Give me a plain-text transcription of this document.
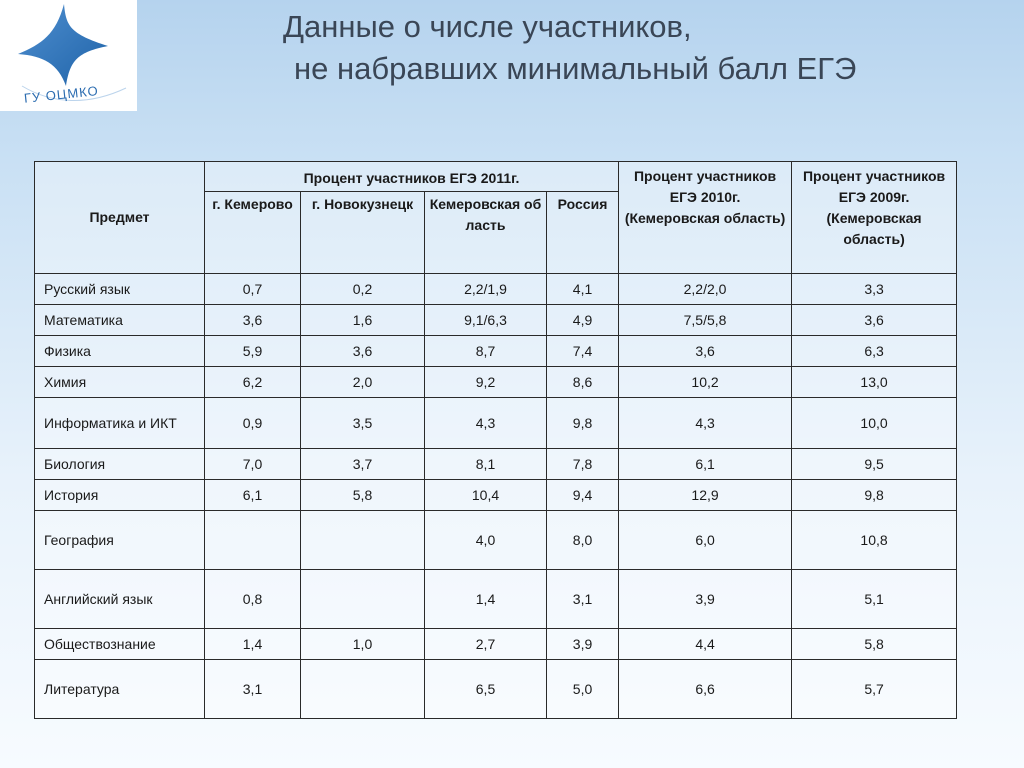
ГУ ОЦМКО
Данные о числе участников,
не набравших минимальный балл ЕГЭ
Предмет	Процент участников ЕГЭ 2011г.				Процент участников ЕГЭ 2010г. (Кемеровская область)	Процент участников ЕГЭ 2009г. (Кемеровская область)
	г. Кемерово	г. Новокузнецк	Кемеровская область	Россия		
Русский язык	0,7	0,2	2,2/1,9	4,1	2,2/2,0	3,3
Математика	3,6	1,6	9,1/6,3	4,9	7,5/5,8	3,6
Физика	5,9	3,6	8,7	7,4	3,6	6,3
Химия	6,2	2,0	9,2	8,6	10,2	13,0
Информатика и ИКТ	0,9	3,5	4,3	9,8	4,3	10,0
Биология	7,0	3,7	8,1	7,8	6,1	9,5
История	6,1	5,8	10,4	9,4	12,9	9,8
География			4,0	8,0	6,0	10,8
Английский язык	0,8		1,4	3,1	3,9	5,1
Обществознание	1,4	1,0	2,7	3,9	4,4	5,8
Литература	3,1		6,5	5,0	6,6	5,7
